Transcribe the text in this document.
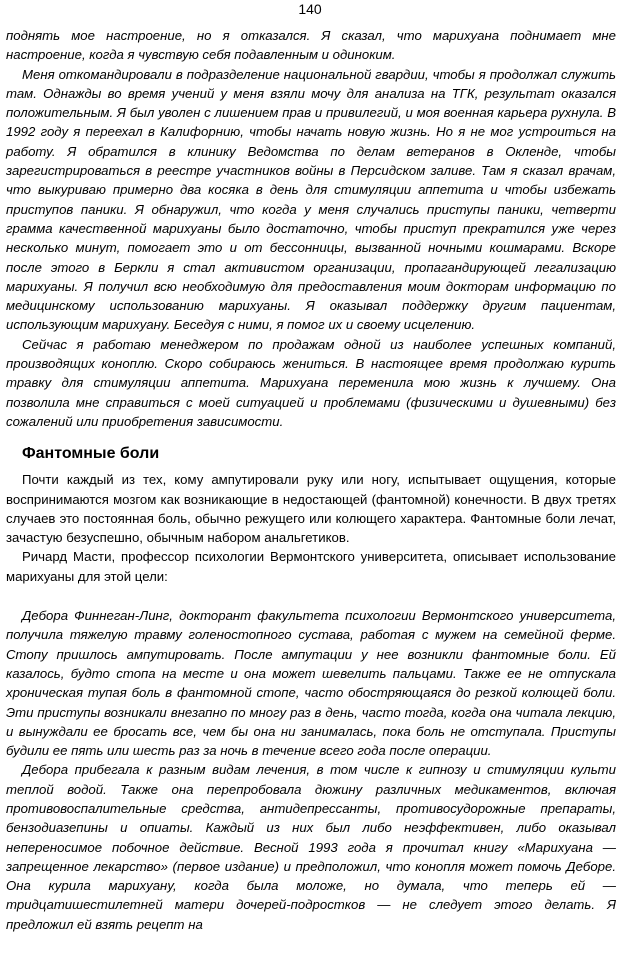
140

поднять мое настроение, но я отказался. Я сказал, что марихуана поднимает мне настроение, когда я чувствую себя подавленным и одиноким.

Меня откомандировали в подразделение национальной гвардии, чтобы я продолжал служить там. Однажды во время учений у меня взяли мочу для анализа на ТГК, результат оказался положительным. Я был уволен с лишением прав и привилегий, и моя военная карьера рухнула. В 1992 году я переехал в Калифорнию, чтобы начать новую жизнь. Но я не мог устроиться на работу. Я обратился в клинику Ведомства по делам ветеранов в Окленде, чтобы зарегистрироваться в реестре участников войны в Персидском заливе. Там я сказал врачам, что выкуриваю примерно два косяка в день для стимуляции аппетита и чтобы избежать приступов паники. Я обнаружил, что когда у меня случались приступы паники, четверти грамма качественной марихуаны было достаточно, чтобы приступ прекратился уже через несколько минут, помогает это и от бессонницы, вызванной ночными кошмарами. Вскоре после этого в Беркли я стал активистом организации, пропагандирующей легализацию марихуаны. Я получил всю необходимую для предоставления моим докторам информацию по медицинскому использованию марихуаны. Я оказывал поддержку другим пациентам, использующим марихуану. Беседуя с ними, я помог их и своему исцелению.

Сейчас я работаю менеджером по продажам одной из наиболее успешных компаний, производящих коноплю. Скоро собираюсь жениться. В настоящее время продолжаю курить травку для стимуляции аппетита. Марихуана переменила мою жизнь к лучшему. Она позволила мне справиться с моей ситуацией и проблемами (физическими и душевными) без сожалений или приобретения зависимости.

Фантомные боли

Почти каждый из тех, кому ампутировали руку или ногу, испытывает ощущения, которые воспринимаются мозгом как возникающие в недостающей (фантомной) конечности. В двух третях случаев это постоянная боль, обычно режущего или колющего характера. Фантомные боли лечат, зачастую безуспешно, обычным набором анальгетиков.

Ричард Масти, профессор психологии Вермонтского университета, описывает использование марихуаны для этой цели:

Дебора Финнеган-Линг, докторант факультета психологии Вермонтского университета, получила тяжелую травму голеностопного сустава, работая с мужем на семейной ферме. Стопу пришлось ампутировать. После ампутации у нее возникли фантомные боли. Ей казалось, будто стопа на месте и она может шевелить пальцами. Также ее не отпускала хроническая тупая боль в фантомной стопе, часто обостряющаяся до резкой колющей боли. Эти приступы возникали внезапно по многу раз в день, часто тогда, когда она читала лекцию, и вынуждали ее бросать все, чем бы она ни занималась, пока боль не отступала. Приступы будили ее пять или шесть раз за ночь в течение всего года после операции.

Дебора прибегала к разным видам лечения, в том числе к гипнозу и стимуляции культи теплой водой. Также она перепробовала дюжину различных медикаментов, включая противовоспалительные средства, антидепрессанты, противосудорожные препараты, бензодиазепины и опиаты. Каждый из них был либо неэффективен, либо оказывал непереносимое побочное действие. Весной 1993 года я прочитал книгу «Марихуана — запрещенное лекарство» (первое издание) и предположил, что конопля может помочь Деборе. Она курила марихуану, когда была моложе, но думала, что теперь ей — тридцатишестилетней матери дочерей-подростков — не следует этого делать. Я предложил ей взять рецепт на
